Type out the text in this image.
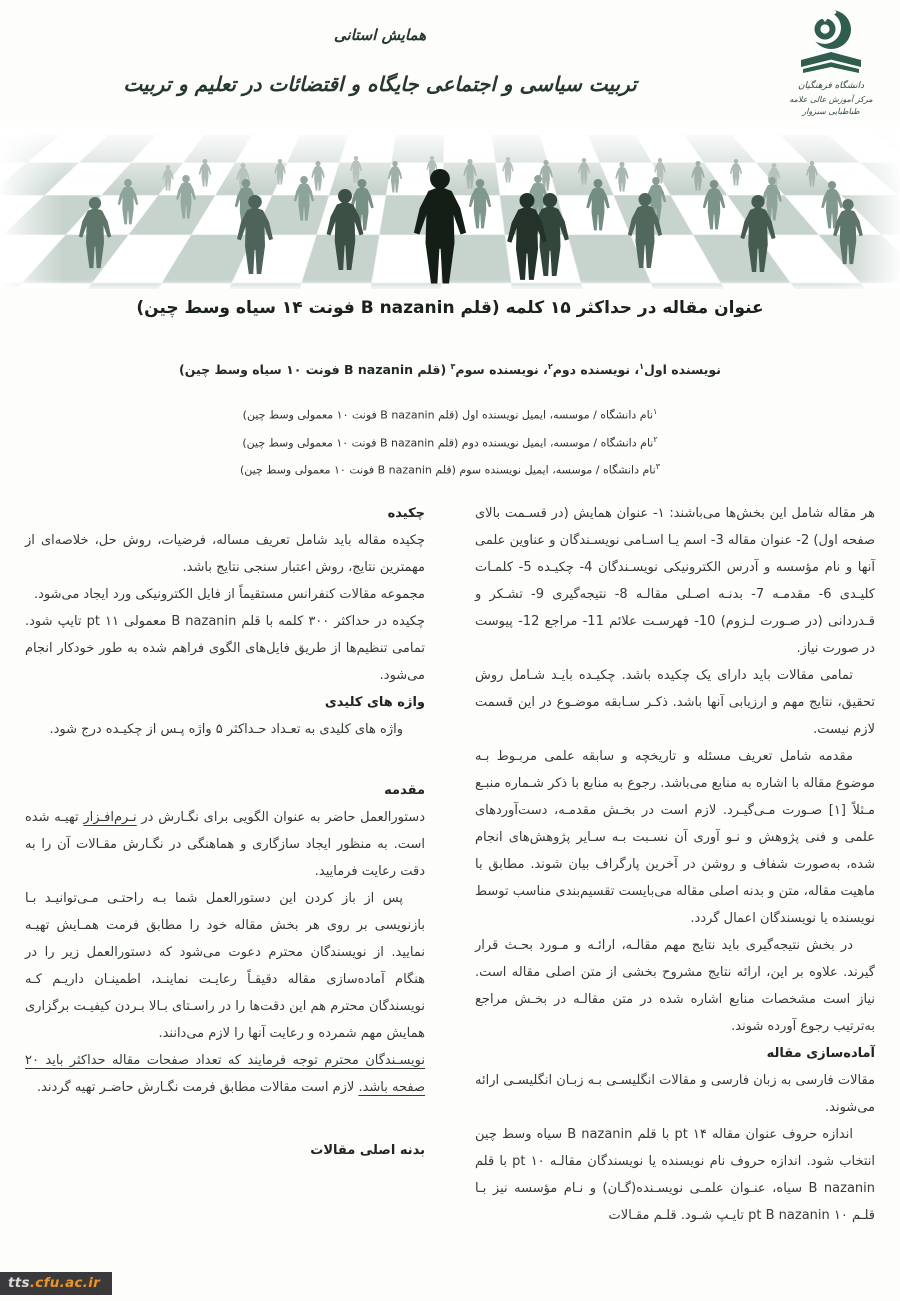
همایش استانی
تربیت سیاسی و اجتماعی جایگاه و اقتضائات در تعلیم و تربیت	دانشگاه فرهنگیان
مرکز آموزش عالی علامه طباطبایی سبزوار
عنوان مقاله در حداکثر ۱۵ کلمه (قلم B nazanin فونت ۱۴ سیاه وسط چین)
نویسنده اول$^۱$، نویسنده دوم$^۲$، نویسنده سوم$^۳$ (قلم B nazanin فونت ۱۰ سیاه وسط چین)
$^۱$نام دانشگاه / موسسه، ایمیل نویسنده اول (قلم B nazanin فونت ۱۰ معمولی وسط چین)
$^۲$نام دانشگاه / موسسه، ایمیل نویسنده دوم (قلم B nazanin فونت ۱۰ معمولی وسط چین)
$^۳$نام دانشگاه / موسسه، ایمیل نویسنده سوم (قلم B nazanin فونت ۱۰ معمولی وسط چین)
چکیده

چکیده مقاله باید شامل تعریف مساله، فرضیات، روش حل، خلاصه‌ای از مهمترین نتایج، روش اعتبار سنجی نتایج باشد.

مجموعه مقالات کنفرانس مستقیماً از فایل الکترونیکی ورد ایجاد می‌شود.

چکیده در حداکثر ۳۰۰ کلمه با قلم B nazanin معمولی ۱۱ pt تایپ شود. تمامی تنظیم‌ها از طریق فایل‌های الگوی فراهم شده به طور خودکار انجام می‌شود.

واژه های کلیدی

واژه های کلیدی به تعـداد حـداکثر ۵ واژه پـس از چکیـده درج شود.

مقدمه

دستورالعمل حاضر به عنوان الگویی برای نگـارش در نـرم‌افـزار تهیـه شده است. به منظور ایجاد سازگاری و هماهنگی در نگـارش مقـالات آن را به دقت رعایت فرمایید.

پس از باز کردن این دستورالعمل شما بـه راحتـی مـی‌توانیـد بـا بازنویسی بر روی هر بخش مقاله خود را مطابق فرمت همـایش تهیـه نمایید. از نویسندگان محترم دعوت می‌شود که دستورالعمل زیر را در هنگام آماده‌سازی مقاله دقیقـاً رعایـت نماینـد، اطمینـان داریـم کـه نویسندگان محترم هم این دقت‌ها را در راسـتای بـالا بـردن کیفیـت برگزاری همایش مهم شمرده و رعایت آنها را لازم می‌دانند.

نویسـندگان محترم توجه فرمایند که تعداد صفحات مقاله حداکثر باید ۲۰ صفحه باشد. لازم است مقالات مطابق فرمت نگـارش حاضـر تهیه گردند.

بدنه اصلی مقالات

هر مقاله شامل این بخش‌ها می‌باشند: ۱- عنوان همایش (در قسـمت بالای صفحه اول) 2- عنوان مقاله 3- اسم یـا اسـامی نویسـندگان و عناوین علمی آنها و نام مؤسسه و آدرس الکترونیکی نویسـندگان 4- چکیـده 5- کلمـات کلیـدی 6- مقدمـه 7- بدنـه اصـلی مقالـه 8- نتیجه‌گیری 9- تشـکر و قـدردانی (در صـورت لـزوم) 10- فهرسـت علائم 11- مراجع 12- پیوست در صورت نیاز.

تمامی مقالات باید دارای یک چکیده باشد. چکیـده بایـد شـامل روش تحقیق، نتایج مهم و ارزیابی آنها باشد. ذکـر سـابقه موضـوع در این قسمت لازم نیست.

مقدمه شامل تعریف مسئله و تاریخچه و سابقه علمی مربـوط بـه موضوع مقاله با اشاره به منابع می‌باشد. رجوع به منابع با ذکر شـماره منبـع مـثلاً [۱] صـورت مـی‌گیـرد. لازم است در بخـش مقدمـه، دست‌آوردهای علمی و فنی پژوهش و نـو آوری آن نسـبت بـه سـایر پژوهش‌های انجام شده، به‌صورت شفاف و روشن در آخرین پارگراف بیان شوند. مطابق با ماهیت مقاله، متن و بدنه اصلی مقاله می‌بایست تقسیم‌بندی مناسب توسط نویسنده یا نویسندگان اعمال گردد.

در بخش نتیجه‌گیری باید نتایج مهم مقالـه، ارائـه و مـورد بحـث قرار گیرند. علاوه بر این، ارائه نتایج مشروح بخشی از متن اصلی مقاله است. نیاز است مشخصات منابع اشاره شده در متن مقالـه در بخـش مراجع به‌ترتیب رجوع آورده شوند.

آماده‌سازی مقاله

مقالات فارسی به زبان فارسی و مقالات انگلیسـی بـه زبـان انگلیسـی ارائه می‌شوند.

اندازه حروف عنوان مقاله ۱۴ pt با قلم B nazanin سیاه وسط چین انتخاب شود. اندازه حروف نام نویسنده یا نویسندگان مقالـه pt ۱۰ با قلم B nazanin سیاه، عنـوان علمـی نویسـنده(گـان) و نـام مؤسسه نیز بـا قلـم ۱۰ pt B nazanin تایـپ شـود. قلـم مقـالات

tts.cfu.ac.ir
